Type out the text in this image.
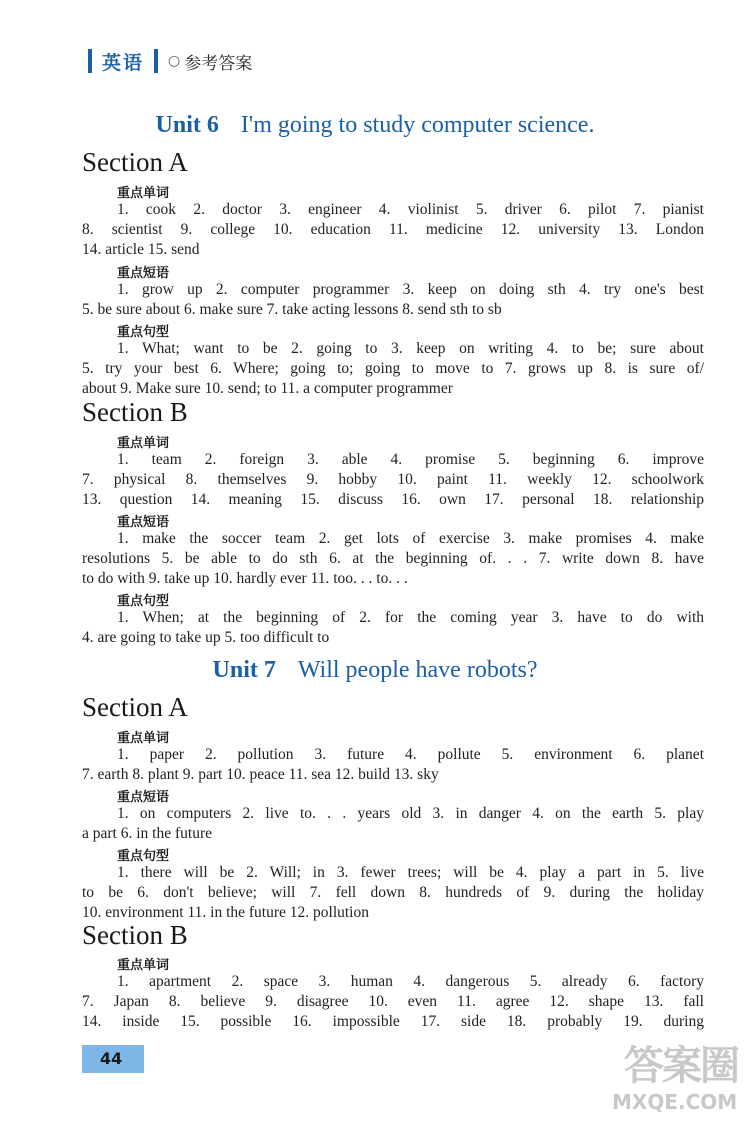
英语 ○ 参考答案
Unit 6 I'm going to study computer science.
Section A
重点单词
1. cook 2. doctor 3. engineer 4. violinist 5. driver 6. pilot 7. pianist
8. scientist 9. college 10. education 11. medicine 12. university 13. London
14. article 15. send
重点短语
1. grow up 2. computer programmer 3. keep on doing sth 4. try one's best
5. be sure about 6. make sure 7. take acting lessons 8. send sth to sb
重点句型
1. What; want to be 2. going to 3. keep on writing 4. to be; sure about
5. try your best 6. Where; going to; going to move to 7. grows up 8. is sure of/
about 9. Make sure 10. send; to 11. a computer programmer
Section B
重点单词
1. team 2. foreign 3. able 4. promise 5. beginning 6. improve
7. physical 8. themselves 9. hobby 10. paint 11. weekly 12. schoolwork
13. question 14. meaning 15. discuss 16. own 17. personal 18. relationship
重点短语
1. make the soccer team 2. get lots of exercise 3. make promises 4. make
resolutions 5. be able to do sth 6. at the beginning of. . . 7. write down 8. have
to do with 9. take up 10. hardly ever 11. too. . . to. . .
重点句型
1. When; at the beginning of 2. for the coming year 3. have to do with
4. are going to take up 5. too difficult to
Unit 7 Will people have robots?
Section A
重点单词
1. paper 2. pollution 3. future 4. pollute 5. environment 6. planet
7. earth 8. plant 9. part 10. peace 11. sea 12. build 13. sky
重点短语
1. on computers 2. live to. . . years old 3. in danger 4. on the earth 5. play
a part 6. in the future
重点句型
1. there will be 2. Will; in 3. fewer trees; will be 4. play a part in 5. live
to be 6. don't believe; will 7. fell down 8. hundreds of 9. during the holiday
10. environment 11. in the future 12. pollution
Section B
重点单词
1. apartment 2. space 3. human 4. dangerous 5. already 6. factory
7. Japan 8. believe 9. disagree 10. even 11. agree 12. shape 13. fall
14. inside 15. possible 16. impossible 17. side 18. probably 19. during
44	答案圈
MXQE.COM
